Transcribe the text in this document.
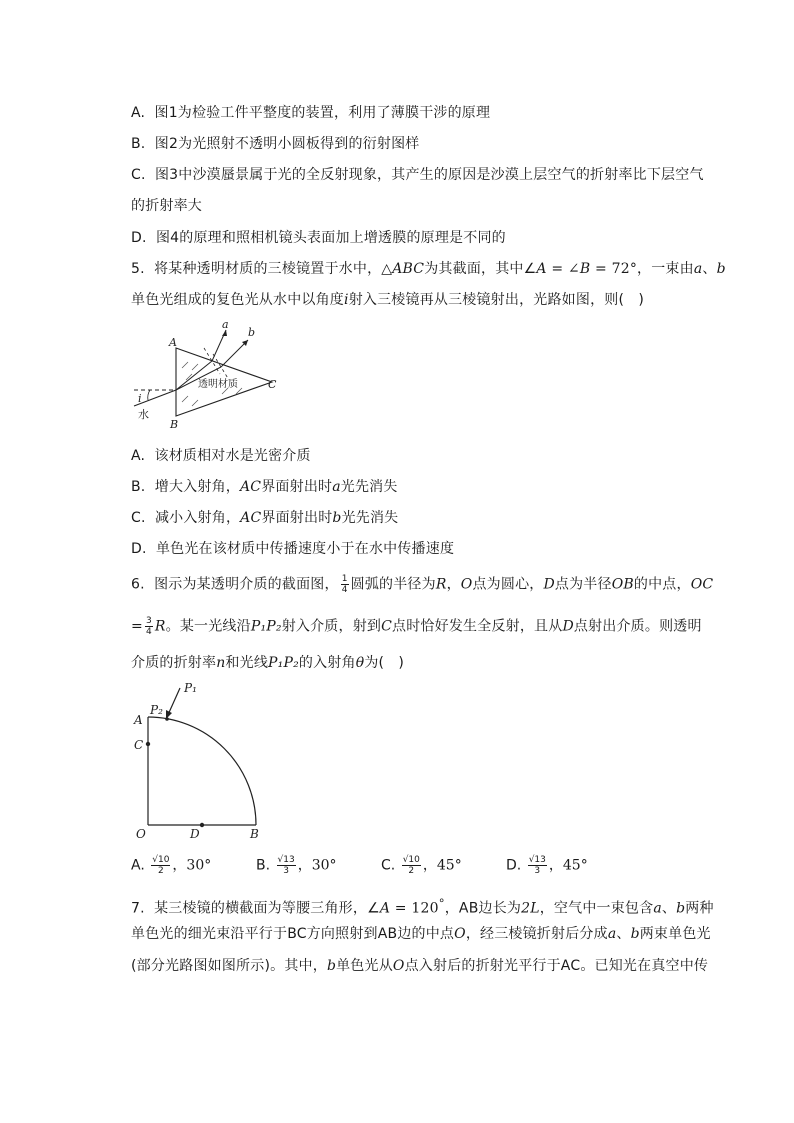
A. 图1为检验工件平整度的装置，利用了薄膜干涉的原理
B. 图2为光照射不透明小圆板得到的衍射图样
C. 图3中沙漠蜃景属于光的全反射现象，其产生的原因是沙漠上层空气的折射率比下层空气
的折射率大
D. 图4的原理和照相机镜头表面加上增透膜的原理是不同的
5. 将某种透明材质的三棱镜置于水中，△ABC为其截面，其中∠A = ∠B = 72°，一束由a、b
单色光组成的复色光从水中以角度i射入三棱镜再从三棱镜射出，光路如图，则(　)
A
B
C
a
b
i
水
透明材质
A. 该材质相对水是光密介质
B. 增大入射角，AC界面射出时a光先消失
C. 减小入射角，AC界面射出时b光先消失
D. 单色光在该材质中传播速度小于在水中传播速度
6. 图示为某透明介质的截面图， $\frac{1}{4}$ 圆弧的半径为R，O点为圆心，D点为半径OB的中点，OC
= $\frac{3}{4}$ R。某一光线沿P₁P₂射入介质，射到C点时恰好发生全反射，且从D点射出介质。则透明
介质的折射率n和光线P₁P₂的入射角θ为(　)
P₁
P₂
A
C
O	D	B
A. $\frac{√10}{2}$ ，30°	B. $\frac{√13}{3}$ ，30°	C. $\frac{√10}{2}$ ，45°	D. $\frac{√13}{3}$ ，45°
7. 某三棱镜的横截面为等腰三角形，∠A = 120°，AB边长为2L，空气中一束包含a、b两种
单色光的细光束沿平行于BC方向照射到AB边的中点O，经三棱镜折射后分成a、b两束单色光
(部分光路图如图所示)。其中，b单色光从O点入射后的折射光平行于AC。已知光在真空中传
